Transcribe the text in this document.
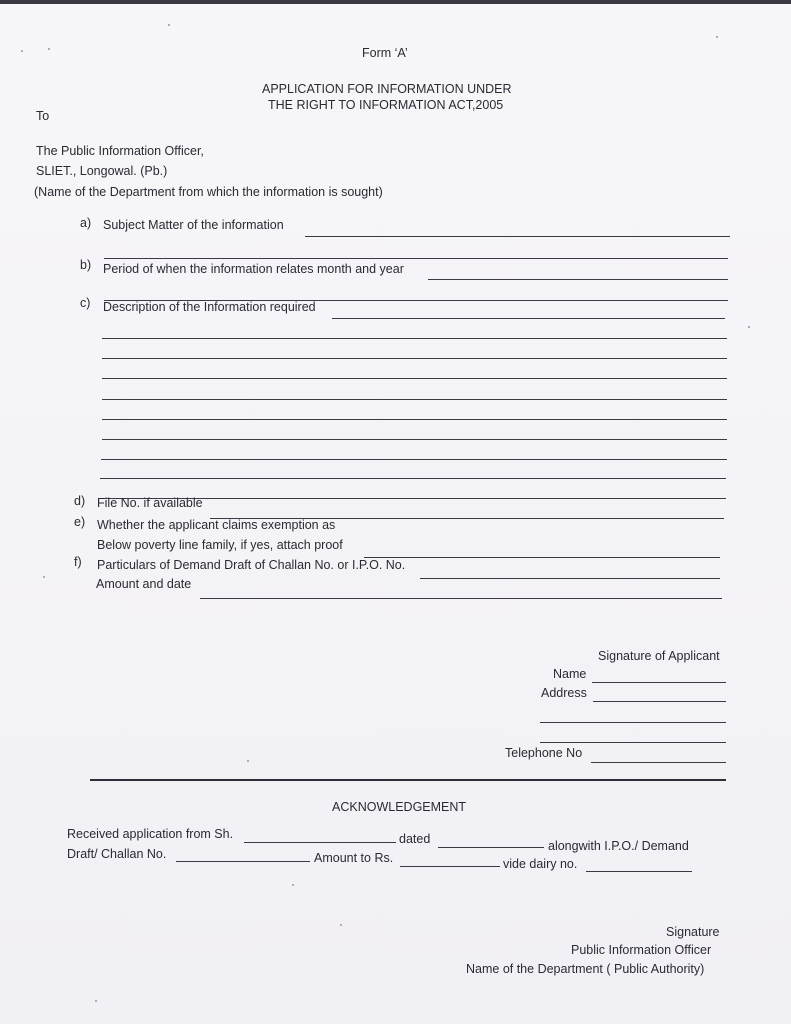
Form ‘A’
APPLICATION FOR INFORMATION UNDER
THE RIGHT TO INFORMATION ACT,2005
To
The Public Information Officer,
SLIET., Longowal. (Pb.)
(Name of the Department from which the information is sought)
a) Subject Matter of the information
b) Period of when the information relates month and year
c) Description of the Information required
d) File No. if available
e) Whether the applicant claims exemption as
Below poverty line family, if yes, attach proof
f) Particulars of Demand Draft of Challan No. or I.P.O. No.
Amount and date
Signature of Applicant
Name
Address
Telephone No
ACKNOWLEDGEMENT
Received application from Sh.	dated	alongwith I.P.O./ Demand
Draft/ Challan No.	Amount to Rs.	vide dairy no.
Signature
Public Information Officer
Name of the Department ( Public Authority)
